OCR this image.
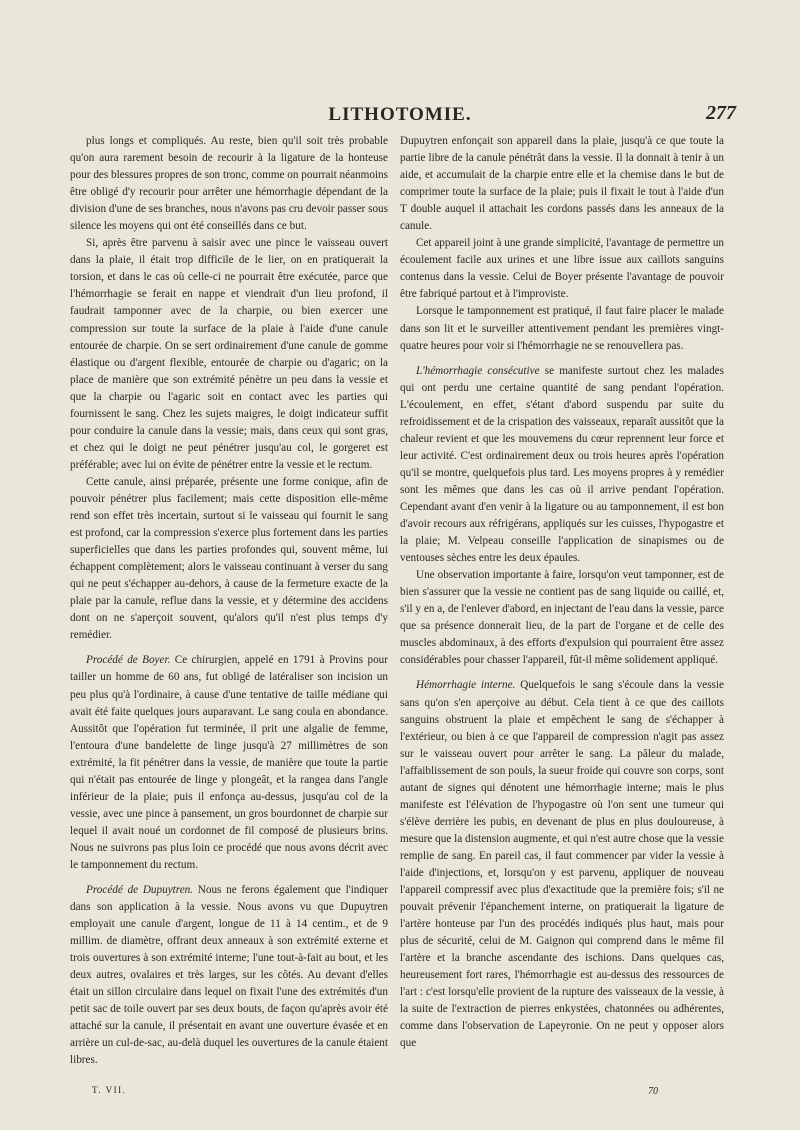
LITHOTOMIE.	277

plus longs et compliqués. Au reste, bien qu'il soit très probable qu'on aura rarement besoin de recourir à la ligature de la honteuse pour des blessures propres de son tronc, comme on pourrait néanmoins être obligé d'y recourir pour arrêter une hémorrhagie dépendant de la division d'une de ses branches, nous n'avons pas cru devoir passer sous silence les moyens qui ont été conseillés dans ce but.

Si, après être parvenu à saisir avec une pince le vaisseau ouvert dans la plaie, il était trop difficile de le lier, on en pratiquerait la torsion, et dans le cas où celle-ci ne pourrait être exécutée, parce que l'hémorrhagie se ferait en nappe et viendrait d'un lieu profond, il faudrait tamponner avec de la charpie, ou bien exercer une compression sur toute la surface de la plaie à l'aide d'une canule entourée de charpie. On se sert ordinairement d'une canule de gomme élastique ou d'argent flexible, entourée de charpie ou d'agaric; on la place de manière que son extrémité pénètre un peu dans la vessie et que la charpie ou l'agaric soit en contact avec les parties qui fournissent le sang. Chez les sujets maigres, le doigt indicateur suffit pour conduire la canule dans la vessie; mais, dans ceux qui sont gras, et chez qui le doigt ne peut pénétrer jusqu'au col, le gorgeret est préférable; avec lui on évite de pénétrer entre la vessie et le rectum.

Cette canule, ainsi préparée, présente une forme conique, afin de pouvoir pénétrer plus facilement; mais cette disposition elle-même rend son effet très incertain, surtout si le vaisseau qui fournit le sang est profond, car la compression s'exerce plus fortement dans les parties superficielles que dans les parties profondes qui, souvent même, lui échappent complètement; alors le vaisseau continuant à verser du sang qui ne peut s'échapper au-dehors, à cause de la fermeture exacte de la plaie par la canule, reflue dans la vessie, et y détermine des accidens dont on ne s'aperçoit souvent, qu'alors qu'il n'est plus temps d'y remédier.

Procédé de Boyer. Ce chirurgien, appelé en 1791 à Provins pour tailler un homme de 60 ans, fut obligé de latéraliser son incision un peu plus qu'à l'ordinaire, à cause d'une tentative de taille médiane qui avait été faite quelques jours auparavant. Le sang coula en abondance. Aussitôt que l'opération fut terminée, il prit une algalie de femme, l'entoura d'une bandelette de linge jusqu'à 27 millimètres de son extrémité, la fit pénétrer dans la vessie, de manière que toute la partie qui n'était pas entourée de linge y plongeât, et la rangea dans l'angle inférieur de la plaie; puis il enfonça au-dessus, jusqu'au col de la vessie, avec une pince à pansement, un gros bourdonnet de charpie sur lequel il avait noué un cordonnet de fil composé de plusieurs brins. Nous ne suivrons pas plus loin ce procédé que nous avons décrit avec le tamponnement du rectum.

Procédé de Dupuytren. Nous ne ferons également que l'indiquer dans son application à la vessie. Nous avons vu que Dupuytren employait une canule d'argent, longue de 11 à 14 centim., et de 9 millim. de diamètre, offrant deux anneaux à son extrémité externe et trois ouvertures à son extrémité interne; l'une tout-à-fait au bout, et les deux autres, ovalaires et très larges, sur les côtés. Au devant d'elles était un sillon circulaire dans lequel on fixait l'une des extrémités d'un petit sac de toile ouvert par ses deux bouts, de façon qu'après avoir été attaché sur la canule, il présentait en avant une ouverture évasée et en arrière un cul-de-sac, au-delà duquel les ouvertures de la canule étaient libres.

Dupuytren enfonçait son appareil dans la plaie, jusqu'à ce que toute la partie libre de la canule pénétrât dans la vessie. Il la donnait à tenir à un aide, et accumulait de la charpie entre elle et la chemise dans le but de comprimer toute la surface de la plaie; puis il fixait le tout à l'aide d'un T double auquel il attachait les cordons passés dans les anneaux de la canule.

Cet appareil joint à une grande simplicité, l'avantage de permettre un écoulement facile aux urines et une libre issue aux caillots sanguins contenus dans la vessie. Celui de Boyer présente l'avantage de pouvoir être fabriqué partout et à l'improviste.

Lorsque le tamponnement est pratiqué, il faut faire placer le malade dans son lit et le surveiller attentivement pendant les premières vingt-quatre heures pour voir si l'hémorrhagie ne se renouvellera pas.

L'hémorrhagie consécutive se manifeste surtout chez les malades qui ont perdu une certaine quantité de sang pendant l'opération. L'écoulement, en effet, s'étant d'abord suspendu par suite du refroidissement et de la crispation des vaisseaux, reparaît aussitôt que la chaleur revient et que les mouvemens du cœur reprennent leur force et leur activité. C'est ordinairement deux ou trois heures après l'opération qu'il se montre, quelquefois plus tard. Les moyens propres à y remédier sont les mêmes que dans les cas où il arrive pendant l'opération. Cependant avant d'en venir à la ligature ou au tamponnement, il est bon d'avoir recours aux réfrigérans, appliqués sur les cuisses, l'hypogastre et la plaie; M. Velpeau conseille l'application de sinapismes ou de ventouses sèches entre les deux épaules.

Une observation importante à faire, lorsqu'on veut tamponner, est de bien s'assurer que la vessie ne contient pas de sang liquide ou caillé, et, s'il y en a, de l'enlever d'abord, en injectant de l'eau dans la vessie, parce que sa présence donnerait lieu, de la part de l'organe et de celle des muscles abdominaux, à des efforts d'expulsion qui pourraient être assez considérables pour chasser l'appareil, fût-il même solidement appliqué.

Hémorrhagie interne. Quelquefois le sang s'écoule dans la vessie sans qu'on s'en aperçoive au début. Cela tient à ce que des caillots sanguins obstruent la plaie et empêchent le sang de s'échapper à l'extérieur, ou bien à ce que l'appareil de compression n'agit pas assez sur le vaisseau ouvert pour arrêter le sang. La pâleur du malade, l'affaiblissement de son pouls, la sueur froide qui couvre son corps, sont autant de signes qui dénotent une hémorrhagie interne; mais le plus manifeste est l'élévation de l'hypogastre où l'on sent une tumeur qui s'élève derrière les pubis, en devenant de plus en plus douloureuse, à mesure que la distension augmente, et qui n'est autre chose que la vessie remplie de sang. En pareil cas, il faut commencer par vider la vessie à l'aide d'injections, et, lorsqu'on y est parvenu, appliquer de nouveau l'appareil compressif avec plus d'exactitude que la première fois; s'il ne pouvait prévenir l'épanchement interne, on pratiquerait la ligature de l'artère honteuse par l'un des procédés indiqués plus haut, mais pour plus de sécurité, celui de M. Gaignon qui comprend dans le même fil l'artère et la branche ascendante des ischions. Dans quelques cas, heureusement fort rares, l'hémorrhagie est au-dessus des ressources de l'art : c'est lorsqu'elle provient de la rupture des vaisseaux de la vessie, à la suite de l'extraction de pierres enkystées, chatonnées ou adhérentes, comme dans l'observation de Lapeyronie. On ne peut y opposer alors que

T. VII.	70
